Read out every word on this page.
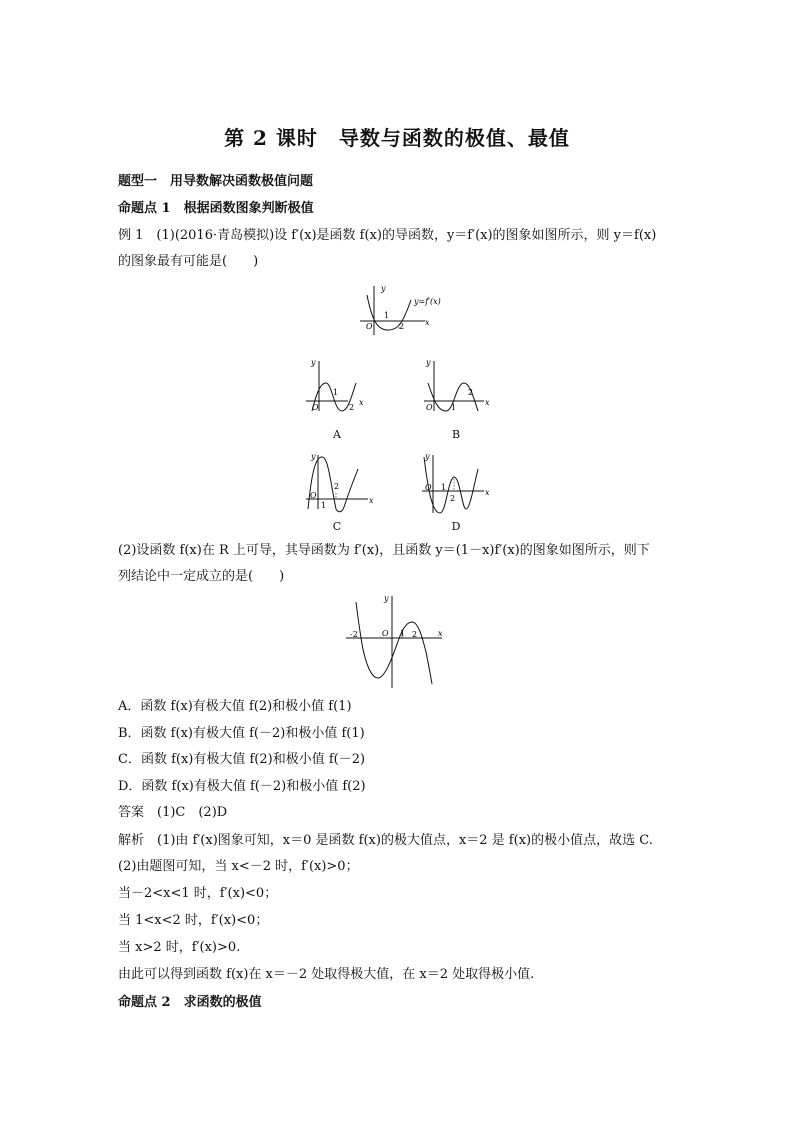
第 2 课时　导数与函数的极值、最值
题型一　用导数解决函数极值问题
命题点 1　根据函数图象判断极值
例 1　(1)(2016·青岛模拟)设 f′(x)是函数 f(x)的导函数，y＝f′(x)的图象如图所示，则 y＝f(x)
的图象最有可能是(　　)
y
y=f′(x)
x
O
1
2
y
x
O
1
2
A
y
x
O 1
2
B
y
x
O
1
2
C
y
x
O 1
2
D
(2)设函数 f(x)在 R 上可导，其导函数为 f′(x)，且函数 y＝(1－x)f′(x)的图象如图所示，则下
列结论中一定成立的是(　　)
y
x
O
-2	1 2
A．函数 f(x)有极大值 f(2)和极小值 f(1)
B．函数 f(x)有极大值 f(－2)和极小值 f(1)
C．函数 f(x)有极大值 f(2)和极小值 f(－2)
D．函数 f(x)有极大值 f(－2)和极小值 f(2)
答案　(1)C　(2)D
解析　(1)由 f′(x)图象可知，x＝0 是函数 f(x)的极大值点，x＝2 是 f(x)的极小值点，故选 C.
(2)由题图可知，当 x<－2 时，f′(x)>0；
当－2<x<1 时，f′(x)<0；
当 1<x<2 时，f′(x)<0；
当 x>2 时，f′(x)>0.
由此可以得到函数 f(x)在 x＝－2 处取得极大值，在 x＝2 处取得极小值.
命题点 2　求函数的极值
